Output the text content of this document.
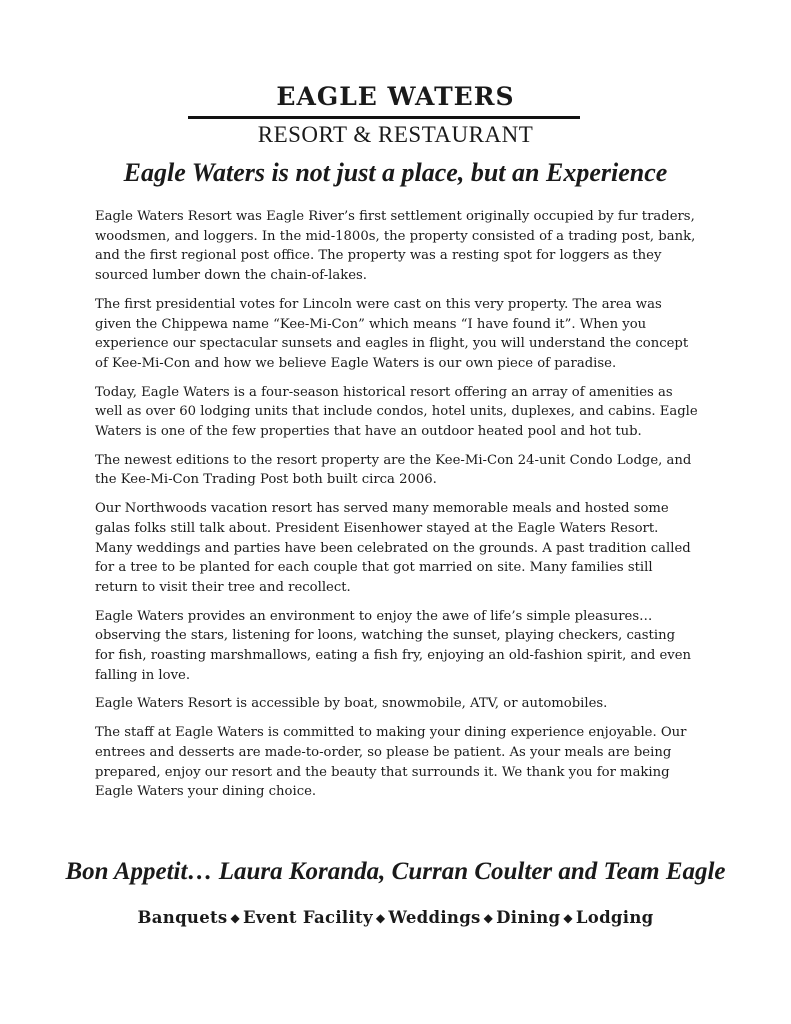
EAGLE WATERS
RESORT & RESTAURANT
Eagle Waters is not just a place, but an Experience

Eagle Waters Resort was Eagle River’s first settlement originally occupied by fur traders, woodsmen, and loggers. In the mid-1800s, the property consisted of a trading post, bank, and the first regional post office. The property was a resting spot for loggers as they sourced lumber down the chain-of-lakes.

The first presidential votes for Lincoln were cast on this very property. The area was given the Chippewa name “Kee-Mi-Con” which means “I have found it”. When you experience our spectacular sunsets and eagles in flight, you will understand the concept of Kee-Mi-Con and how we believe Eagle Waters is our own piece of paradise.

Today, Eagle Waters is a four-season historical resort offering an array of amenities as well as over 60 lodging units that include condos, hotel units, duplexes, and cabins. Eagle Waters is one of the few properties that have an outdoor heated pool and hot tub.

The newest editions to the resort property are the Kee-Mi-Con 24-unit Condo Lodge, and the Kee-Mi-Con Trading Post both built circa 2006.

Our Northwoods vacation resort has served many memorable meals and hosted some galas folks still talk about. President Eisenhower stayed at the Eagle Waters Resort. Many weddings and parties have been celebrated on the grounds. A past tradition called for a tree to be planted for each couple that got married on site. Many families still return to visit their tree and recollect.

Eagle Waters provides an environment to enjoy the awe of life’s simple pleasures… observing the stars, listening for loons, watching the sunset, playing checkers, casting for fish, roasting marshmallows, eating a fish fry, enjoying an old-fashion spirit, and even falling in love.

Eagle Waters Resort is accessible by boat, snowmobile, ATV, or automobiles.

The staff at Eagle Waters is committed to making your dining experience enjoyable. Our entrees and desserts are made-to-order, so please be patient. As your meals are being prepared, enjoy our resort and the beauty that surrounds it. We thank you for making Eagle Waters your dining choice.

Bon Appetit… Laura Koranda, Curran Coulter and Team Eagle
Banquets ◆ Event Facility ◆ Weddings ◆ Dining ◆ Lodging
